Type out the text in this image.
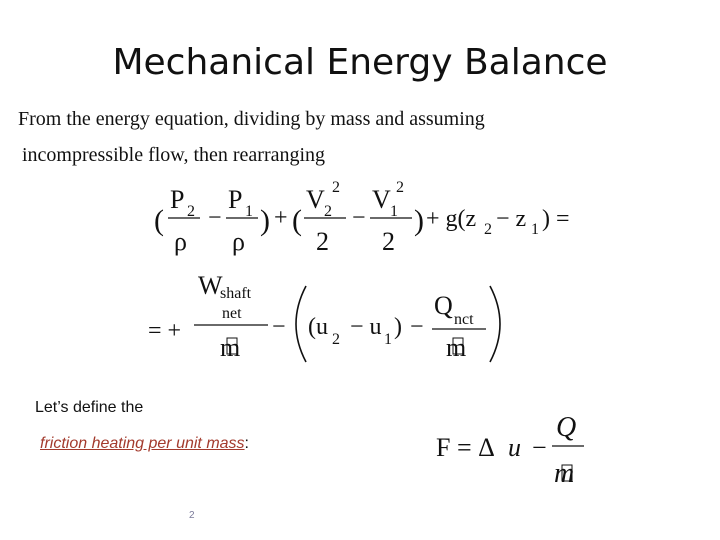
Mechanical Energy Balance
From the energy equation, dividing by mass and assuming
incompressible flow, then rearranging
(
P 2
ρ
−
P 1
ρ
) + (
V 2
2
2
−
V 1
2
2
) + g(z 2 − z 1 ) =
= +
W
shaft
net
m
− (u 2 − u 1 ) −
Q nct
m
Let’s define the
friction heating per unit mass:	F = Δ u −
Q
m
2
